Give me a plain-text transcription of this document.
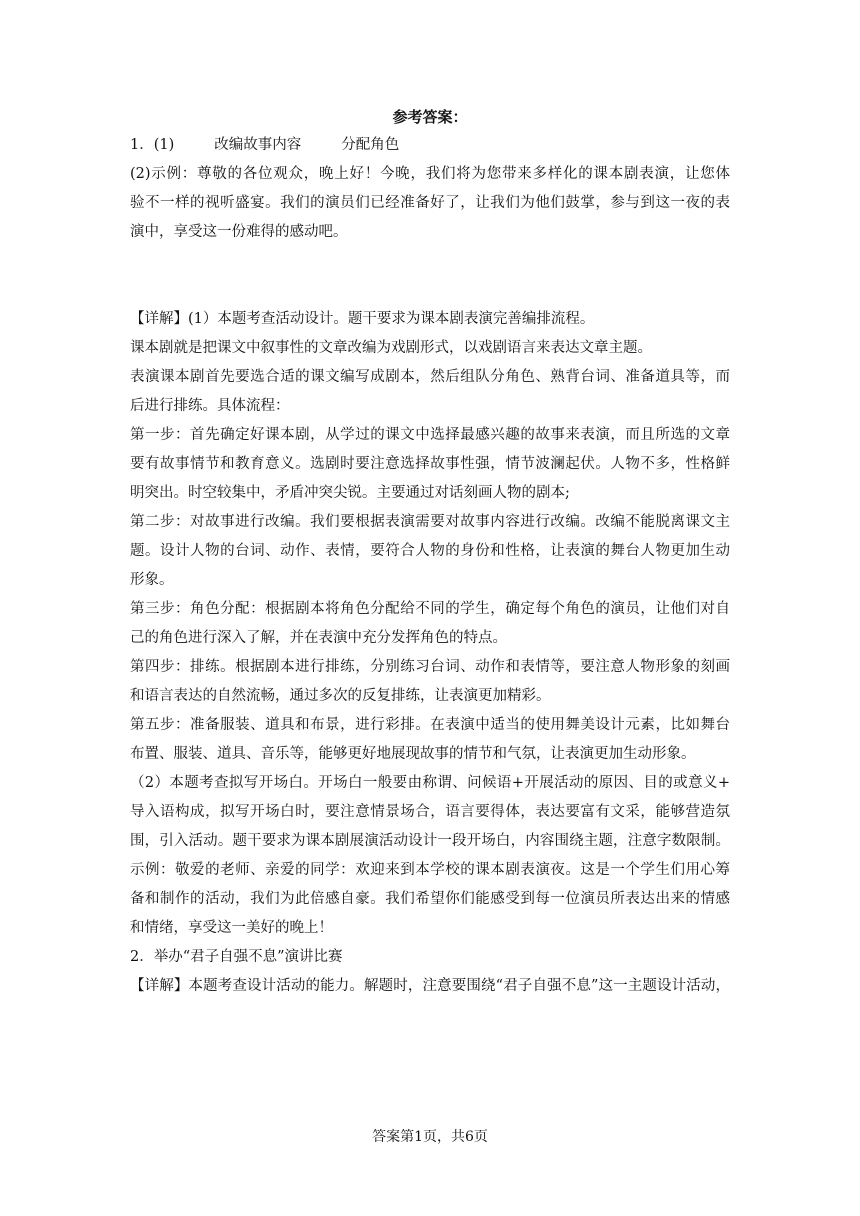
参考答案：
1．(1)	改编故事内容	分配角色
(2)示例：尊敬的各位观众，晚上好！今晚，我们将为您带来多样化的课本剧表演，让您体
验不一样的视听盛宴。我们的演员们已经准备好了，让我们为他们鼓掌，参与到这一夜的表
演中，享受这一份难得的感动吧。
【详解】(1）本题考查活动设计。题干要求为课本剧表演完善编排流程。
课本剧就是把课文中叙事性的文章改编为戏剧形式，以戏剧语言来表达文章主题。
表演课本剧首先要选合适的课文编写成剧本，然后组队分角色、熟背台词、准备道具等，而
后进行排练。具体流程：
第一步：首先确定好课本剧，从学过的课文中选择最感兴趣的故事来表演，而且所选的文章
要有故事情节和教育意义。选剧时要注意选择故事性强，情节波澜起伏。人物不多，性格鲜
明突出。时空较集中，矛盾冲突尖锐。主要通过对话刻画人物的剧本;
第二步：对故事进行改编。我们要根据表演需要对故事内容进行改编。改编不能脱离课文主
题。设计人物的台词、动作、表情，要符合人物的身份和性格，让表演的舞台人物更加生动
形象。
第三步：角色分配：根据剧本将角色分配给不同的学生，确定每个角色的演员，让他们对自
己的角色进行深入了解，并在表演中充分发挥角色的特点。
第四步：排练。根据剧本进行排练，分别练习台词、动作和表情等，要注意人物形象的刻画
和语言表达的自然流畅，通过多次的反复排练，让表演更加精彩。
第五步：准备服装、道具和布景，进行彩排。在表演中适当的使用舞美设计元素，比如舞台
布置、服装、道具、音乐等，能够更好地展现故事的情节和气氛，让表演更加生动形象。
（2）本题考查拟写开场白。开场白一般要由称谓、问候语+开展活动的原因、目的或意义+
导入语构成，拟写开场白时，要注意情景场合，语言要得体，表达要富有文采，能够营造氛
围，引入活动。题干要求为课本剧展演活动设计一段开场白，内容围绕主题，注意字数限制。
示例：敬爱的老师、亲爱的同学：欢迎来到本学校的课本剧表演夜。这是一个学生们用心筹
备和制作的活动，我们为此倍感自豪。我们希望你们能感受到每一位演员所表达出来的情感
和情绪，享受这一美好的晚上！
2．举办“君子自强不息”演讲比赛
【详解】本题考查设计活动的能力。解题时，注意要围绕“君子自强不息”这一主题设计活动，
答案第1页，共6页
